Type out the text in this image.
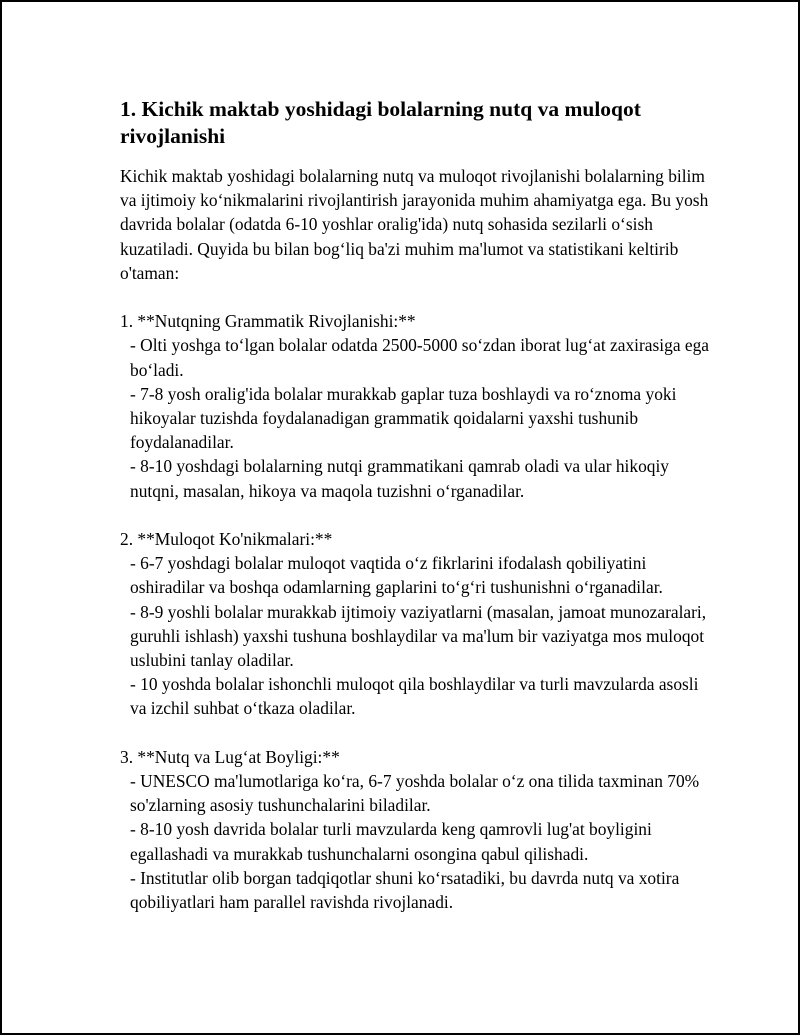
1. Kichik maktab yoshidagi bolalarning nutq va muloqot rivojlanishi

Kichik maktab yoshidagi bolalarning nutq va muloqot rivojlanishi bolalarning bilim va ijtimoiy ko‘nikmalarini rivojlantirish jarayonida muhim ahamiyatga ega. Bu yosh davrida bolalar (odatda 6-10 yoshlar oralig'ida) nutq sohasida sezilarli o‘sish kuzatiladi. Quyida bu bilan bog‘liq ba'zi muhim ma'lumot va statistikani keltirib o'taman:

1. **Nutqning Grammatik Rivojlanishi:**
- Olti yoshga to‘lgan bolalar odatda 2500-5000 so‘zdan iborat lug‘at zaxirasiga ega bo‘ladi.
- 7-8 yosh oralig'ida bolalar murakkab gaplar tuza boshlaydi va ro‘znoma yoki hikoyalar tuzishda foydalanadigan grammatik qoidalarni yaxshi tushunib foydalanadilar.
- 8-10 yoshdagi bolalarning nutqi grammatikani qamrab oladi va ular hikoqiy nutqni, masalan, hikoya va maqola tuzishni o‘rganadilar.
2. **Muloqot Ko'nikmalari:**
- 6-7 yoshdagi bolalar muloqot vaqtida o‘z fikrlarini ifodalash qobiliyatini oshiradilar va boshqa odamlarning gaplarini to‘g‘ri tushunishni o‘rganadilar.
- 8-9 yoshli bolalar murakkab ijtimoiy vaziyatlarni (masalan, jamoat munozaralari, guruhli ishlash) yaxshi tushuna boshlaydilar va ma'lum bir vaziyatga mos muloqot uslubini tanlay oladilar.
- 10 yoshda bolalar ishonchli muloqot qila boshlaydilar va turli mavzularda asosli va izchil suhbat o‘tkaza oladilar.
3. **Nutq va Lug‘at Boyligi:**
- UNESCO ma'lumotlariga ko‘ra, 6-7 yoshda bolalar o‘z ona tilida taxminan 70% so'zlarning asosiy tushunchalarini biladilar.
- 8-10 yosh davrida bolalar turli mavzularda keng qamrovli lug'at boyligini egallashadi va murakkab tushunchalarni osongina qabul qilishadi.
- Institutlar olib borgan tadqiqotlar shuni ko‘rsatadiki, bu davrda nutq va xotira qobiliyatlari ham parallel ravishda rivojlanadi.
